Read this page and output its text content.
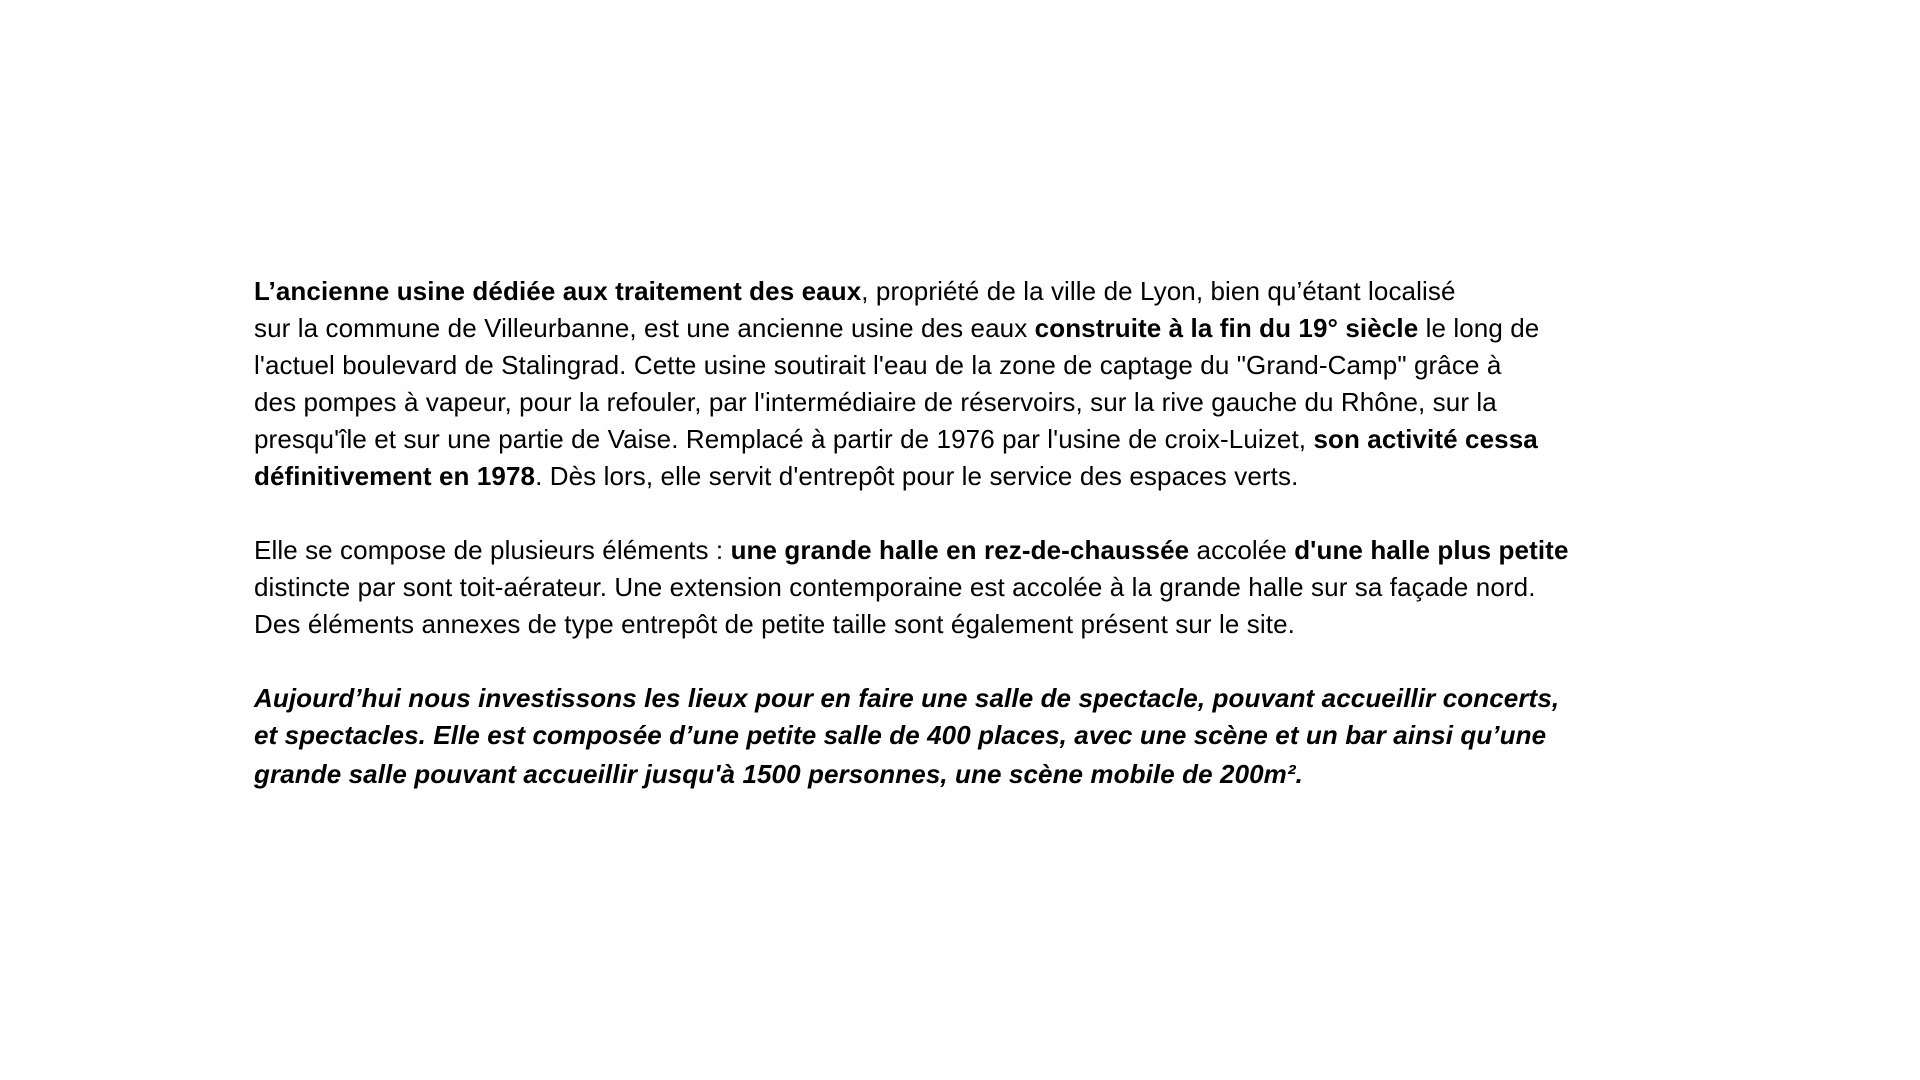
L’ancienne usine dédiée aux traitement des eaux, propriété de la ville de Lyon, bien qu’étant localisé
sur la commune de Villeurbanne, est une ancienne usine des eaux construite à la fin du 19° siècle le long de
l'actuel boulevard de Stalingrad. Cette usine soutirait l'eau de la zone de captage du "Grand-Camp" grâce à
des pompes à vapeur, pour la refouler, par l'intermédiaire de réservoirs, sur la rive gauche du Rhône, sur la
presqu'île et sur une partie de Vaise. Remplacé à partir de 1976 par l'usine de croix-Luizet, son activité cessa
définitivement en 1978. Dès lors, elle servit d'entrepôt pour le service des espaces verts.

Elle se compose de plusieurs éléments : une grande halle en rez-de-chaussée accolée d'une halle plus petite
distincte par sont toit-aérateur. Une extension contemporaine est accolée à la grande halle sur sa façade nord.
Des éléments annexes de type entrepôt de petite taille sont également présent sur le site.

Aujourd’hui nous investissons les lieux pour en faire une salle de spectacle, pouvant accueillir concerts,
et spectacles. Elle est composée d’une petite salle de 400 places, avec une scène et un bar ainsi qu’une
grande salle pouvant accueillir jusqu'à 1500 personnes, une scène mobile de 200m².
